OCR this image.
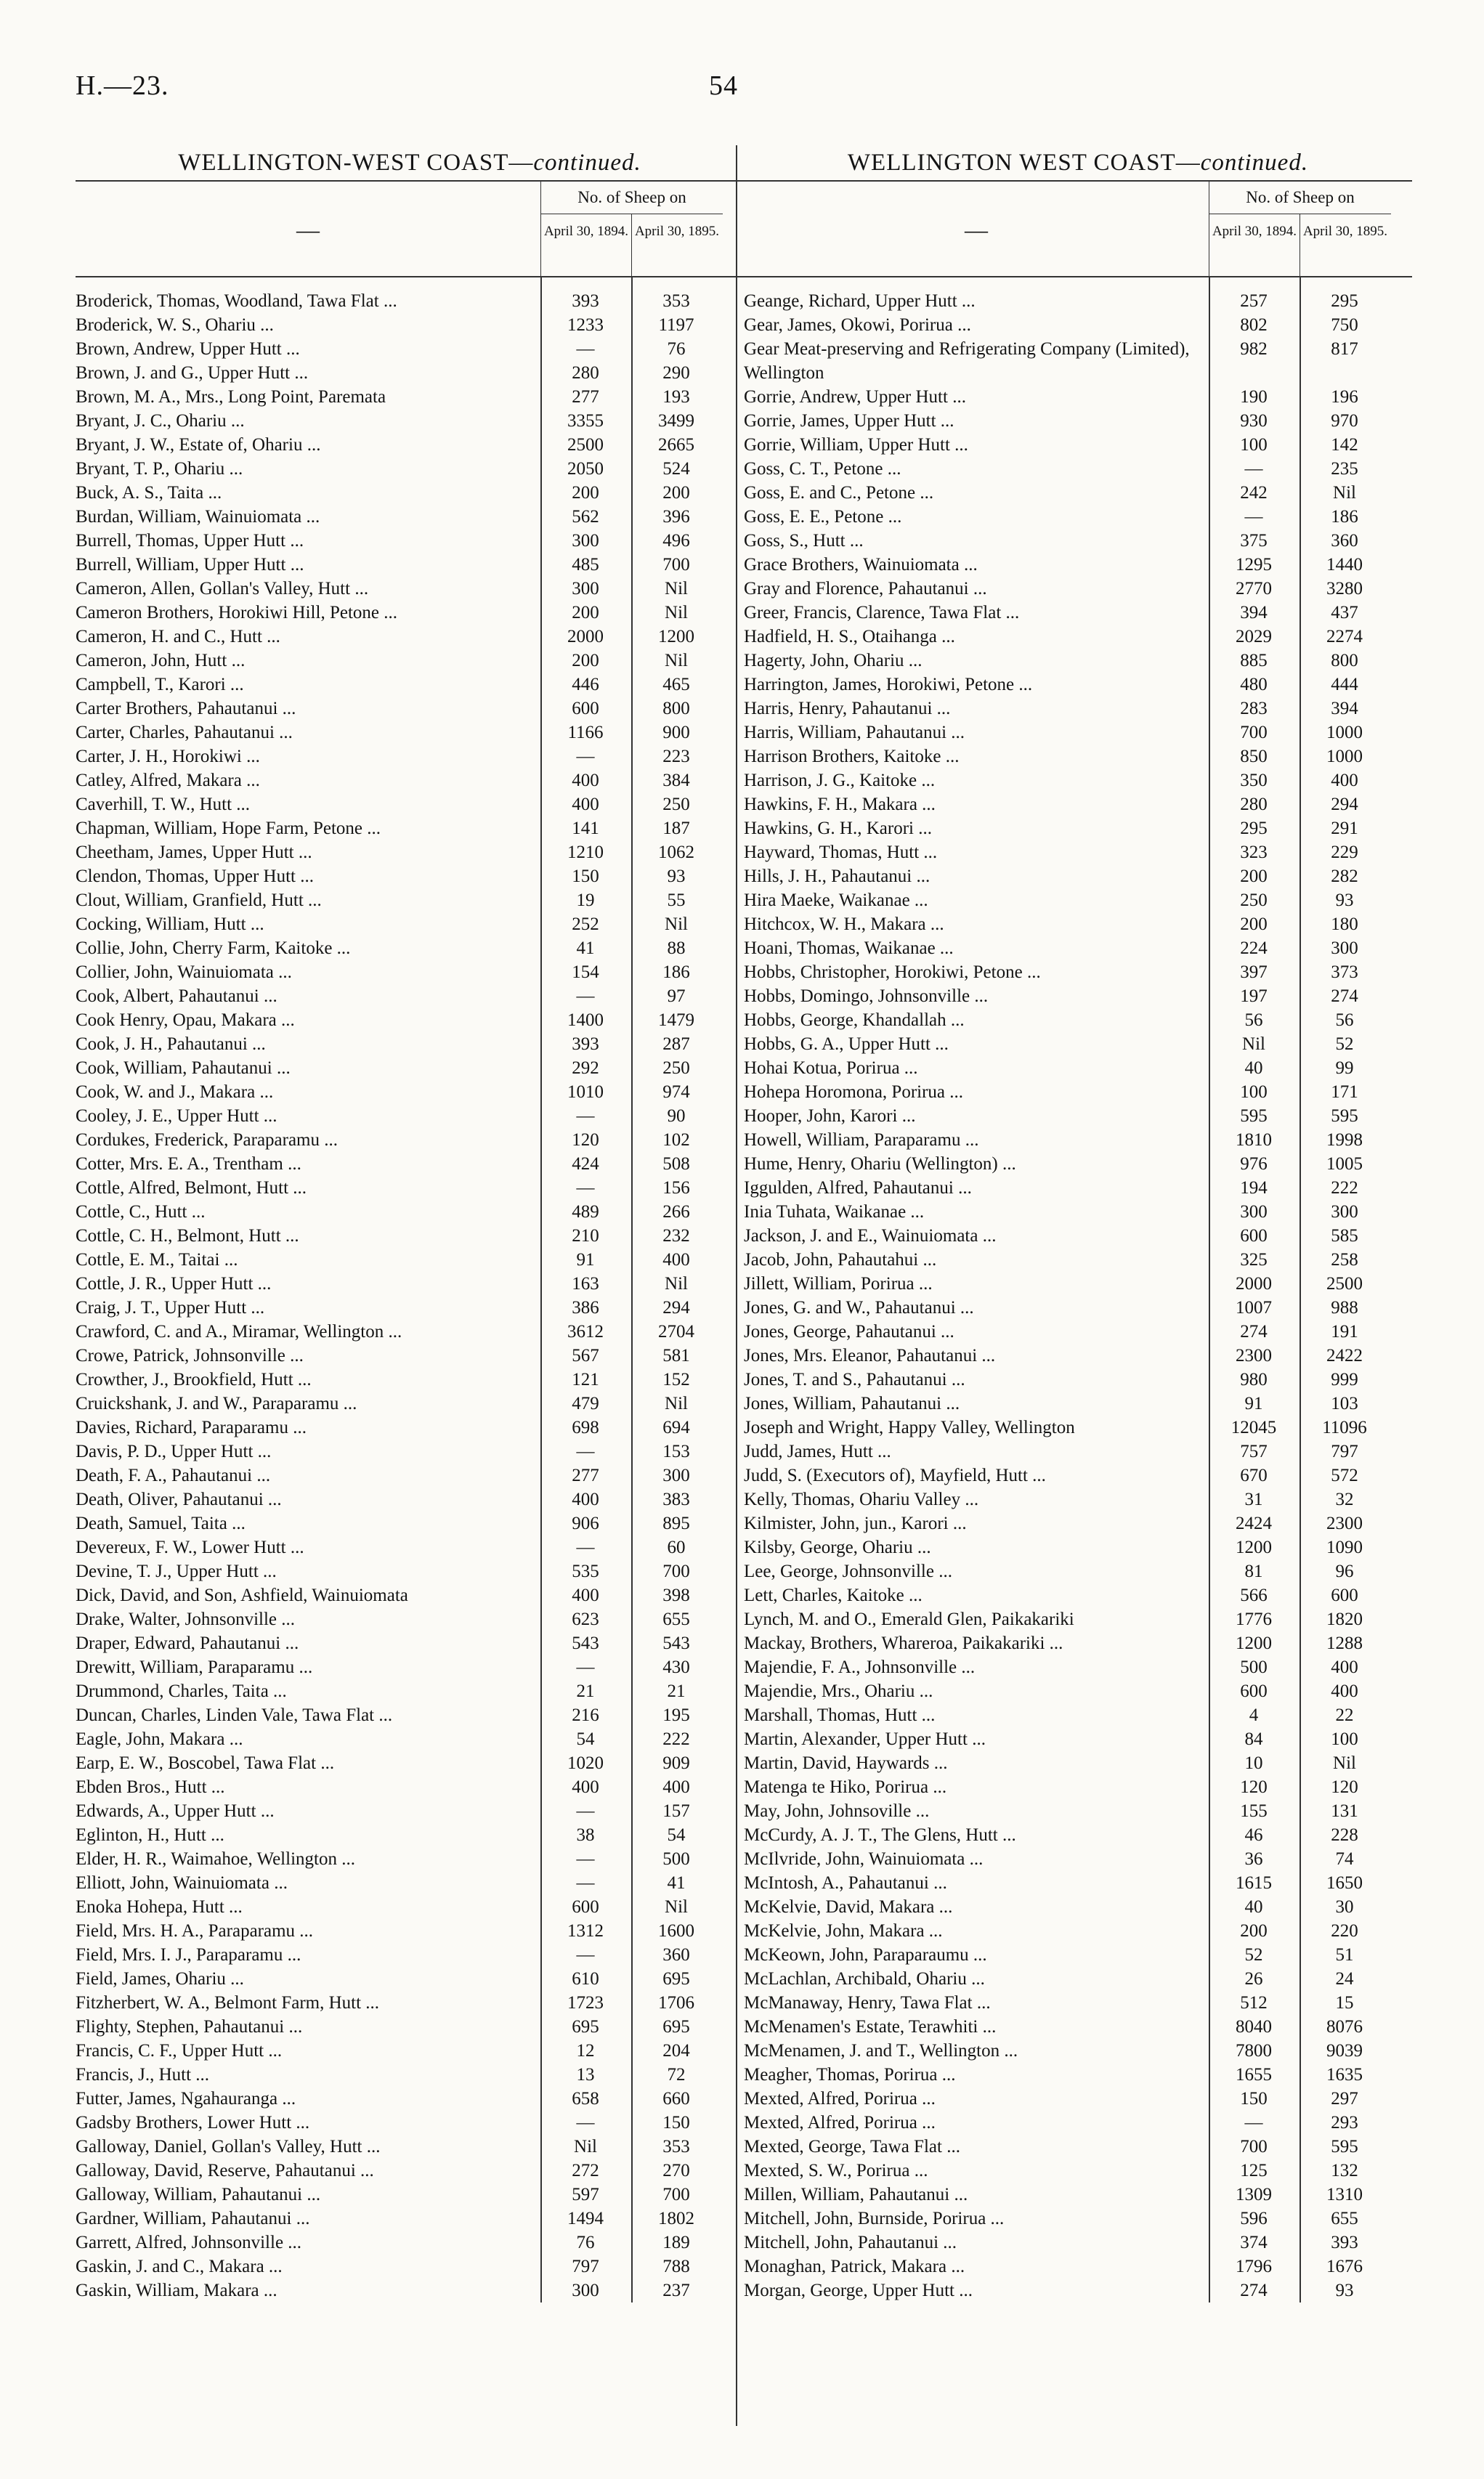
H.—23.	54
WELLINGTON-WEST COAST—continued.
—
No. of Sheep on
April 30, 1894. April 30, 1895.
Broderick, Thomas, Woodland, Tawa Flat ...	393	353
Broderick, W. S., Ohariu ...	1233	1197
Brown, Andrew, Upper Hutt ...	—	76
Brown, J. and G., Upper Hutt ...	280	290
Brown, M. A., Mrs., Long Point, Paremata	277	193
Bryant, J. C., Ohariu ...	3355	3499
Bryant, J. W., Estate of, Ohariu ...	2500	2665
Bryant, T. P., Ohariu ...	2050	524
Buck, A. S., Taita ...	200	200
Burdan, William, Wainuiomata ...	562	396
Burrell, Thomas, Upper Hutt ...	300	496
Burrell, William, Upper Hutt ...	485	700
Cameron, Allen, Gollan's Valley, Hutt ...	300	Nil
Cameron Brothers, Horokiwi Hill, Petone ...	200	Nil
Cameron, H. and C., Hutt ...	2000	1200
Cameron, John, Hutt ...	200	Nil
Campbell, T., Karori ...	446	465
Carter Brothers, Pahautanui ...	600	800
Carter, Charles, Pahautanui ...	1166	900
Carter, J. H., Horokiwi ...	—	223
Catley, Alfred, Makara ...	400	384
Caverhill, T. W., Hutt ...	400	250
Chapman, William, Hope Farm, Petone ...	141	187
Cheetham, James, Upper Hutt ...	1210	1062
Clendon, Thomas, Upper Hutt ...	150	93
Clout, William, Granfield, Hutt ...	19	55
Cocking, William, Hutt ...	252	Nil
Collie, John, Cherry Farm, Kaitoke ...	41	88
Collier, John, Wainuiomata ...	154	186
Cook, Albert, Pahautanui ...	—	97
Cook Henry, Opau, Makara ...	1400	1479
Cook, J. H., Pahautanui ...	393	287
Cook, William, Pahautanui ...	292	250
Cook, W. and J., Makara ...	1010	974
Cooley, J. E., Upper Hutt ...	—	90
Cordukes, Frederick, Paraparamu ...	120	102
Cotter, Mrs. E. A., Trentham ...	424	508
Cottle, Alfred, Belmont, Hutt ...	—	156
Cottle, C., Hutt ...	489	266
Cottle, C. H., Belmont, Hutt ...	210	232
Cottle, E. M., Taitai ...	91	400
Cottle, J. R., Upper Hutt ...	163	Nil
Craig, J. T., Upper Hutt ...	386	294
Crawford, C. and A., Miramar, Wellington ...	3612	2704
Crowe, Patrick, Johnsonville ...	567	581
Crowther, J., Brookfield, Hutt ...	121	152
Cruickshank, J. and W., Paraparamu ...	479	Nil
Davies, Richard, Paraparamu ...	698	694
Davis, P. D., Upper Hutt ...	—	153
Death, F. A., Pahautanui ...	277	300
Death, Oliver, Pahautanui ...	400	383
Death, Samuel, Taita ...	906	895
Devereux, F. W., Lower Hutt ...	—	60
Devine, T. J., Upper Hutt ...	535	700
Dick, David, and Son, Ashfield, Wainuiomata	400	398
Drake, Walter, Johnsonville ...	623	655
Draper, Edward, Pahautanui ...	543	543
Drewitt, William, Paraparamu ...	—	430
Drummond, Charles, Taita ...	21	21
Duncan, Charles, Linden Vale, Tawa Flat ...	216	195
Eagle, John, Makara ...	54	222
Earp, E. W., Boscobel, Tawa Flat ...	1020	909
Ebden Bros., Hutt ...	400	400
Edwards, A., Upper Hutt ...	—	157
Eglinton, H., Hutt ...	38	54
Elder, H. R., Waimahoe, Wellington ...	—	500
Elliott, John, Wainuiomata ...	—	41
Enoka Hohepa, Hutt ...	600	Nil
Field, Mrs. H. A., Paraparamu ...	1312	1600
Field, Mrs. I. J., Paraparamu ...	—	360
Field, James, Ohariu ...	610	695
Fitzherbert, W. A., Belmont Farm, Hutt ...	1723	1706
Flighty, Stephen, Pahautanui ...	695	695
Francis, C. F., Upper Hutt ...	12	204
Francis, J., Hutt ...	13	72
Futter, James, Ngahauranga ...	658	660
Gadsby Brothers, Lower Hutt ...	—	150
Galloway, Daniel, Gollan's Valley, Hutt ...	Nil	353
Galloway, David, Reserve, Pahautanui ...	272	270
Galloway, William, Pahautanui ...	597	700
Gardner, William, Pahautanui ...	1494	1802
Garrett, Alfred, Johnsonville ...	76	189
Gaskin, J. and C., Makara ...	797	788
Gaskin, William, Makara ...	300	237
WELLINGTON WEST COAST—continued.
—
No. of Sheep on
April 30, 1894. April 30, 1895.
Geange, Richard, Upper Hutt ...	257	295
Gear, James, Okowi, Porirua ...	802	750
Gear Meat-preserving and Refrigerating Company (Limited), Wellington
982	817
Gorrie, Andrew, Upper Hutt ...	190	196
Gorrie, James, Upper Hutt ...	930	970
Gorrie, William, Upper Hutt ...	100	142
Goss, C. T., Petone ...	—	235
Goss, E. and C., Petone ...	242	Nil
Goss, E. E., Petone ...	—	186
Goss, S., Hutt ...	375	360
Grace Brothers, Wainuiomata ...	1295	1440
Gray and Florence, Pahautanui ...	2770	3280
Greer, Francis, Clarence, Tawa Flat ...	394	437
Hadfield, H. S., Otaihanga ...	2029	2274
Hagerty, John, Ohariu ...	885	800
Harrington, James, Horokiwi, Petone ...	480	444
Harris, Henry, Pahautanui ...	283	394
Harris, William, Pahautanui ...	700	1000
Harrison Brothers, Kaitoke ...	850	1000
Harrison, J. G., Kaitoke ...	350	400
Hawkins, F. H., Makara ...	280	294
Hawkins, G. H., Karori ...	295	291
Hayward, Thomas, Hutt ...	323	229
Hills, J. H., Pahautanui ...	200	282
Hira Maeke, Waikanae ...	250	93
Hitchcox, W. H., Makara ...	200	180
Hoani, Thomas, Waikanae ...	224	300
Hobbs, Christopher, Horokiwi, Petone ...	397	373
Hobbs, Domingo, Johnsonville ...	197	274
Hobbs, George, Khandallah ...	56	56
Hobbs, G. A., Upper Hutt ...	Nil	52
Hohai Kotua, Porirua ...	40	99
Hohepa Horomona, Porirua ...	100	171
Hooper, John, Karori ...	595	595
Howell, William, Paraparamu ...	1810	1998
Hume, Henry, Ohariu (Wellington) ...	976	1005
Iggulden, Alfred, Pahautanui ...	194	222
Inia Tuhata, Waikanae ...	300	300
Jackson, J. and E., Wainuiomata ...	600	585
Jacob, John, Pahautahui ...	325	258
Jillett, William, Porirua ...	2000	2500
Jones, G. and W., Pahautanui ...	1007	988
Jones, George, Pahautanui ...	274	191
Jones, Mrs. Eleanor, Pahautanui ...	2300	2422
Jones, T. and S., Pahautanui ...	980	999
Jones, William, Pahautanui ...	91	103
Joseph and Wright, Happy Valley, Wellington	12045	11096
Judd, James, Hutt ...	757	797
Judd, S. (Executors of), Mayfield, Hutt ...	670	572
Kelly, Thomas, Ohariu Valley ...	31	32
Kilmister, John, jun., Karori ...	2424	2300
Kilsby, George, Ohariu ...	1200	1090
Lee, George, Johnsonville ...	81	96
Lett, Charles, Kaitoke ...	566	600
Lynch, M. and O., Emerald Glen, Paikakariki	1776	1820
Mackay, Brothers, Whareroa, Paikakariki ...	1200	1288
Majendie, F. A., Johnsonville ...	500	400
Majendie, Mrs., Ohariu ...	600	400
Marshall, Thomas, Hutt ...	4	22
Martin, Alexander, Upper Hutt ...	84	100
Martin, David, Haywards ...	10	Nil
Matenga te Hiko, Porirua ...	120	120
May, John, Johnsoville ...	155	131
McCurdy, A. J. T., The Glens, Hutt ...	46	228
McIlvride, John, Wainuiomata ...	36	74
McIntosh, A., Pahautanui ...	1615	1650
McKelvie, David, Makara ...	40	30
McKelvie, John, Makara ...	200	220
McKeown, John, Paraparaumu ...	52	51
McLachlan, Archibald, Ohariu ...	26	24
McManaway, Henry, Tawa Flat ...	512	15
McMenamen's Estate, Terawhiti ...	8040	8076
McMenamen, J. and T., Wellington ...	7800	9039
Meagher, Thomas, Porirua ...	1655	1635
Mexted, Alfred, Porirua ...	150	297
Mexted, Alfred, Porirua ...	—	293
Mexted, George, Tawa Flat ...	700	595
Mexted, S. W., Porirua ...	125	132
Millen, William, Pahautanui ...	1309	1310
Mitchell, John, Burnside, Porirua ...	596	655
Mitchell, John, Pahautanui ...	374	393
Monaghan, Patrick, Makara ...	1796	1676
Morgan, George, Upper Hutt ...	274	93
